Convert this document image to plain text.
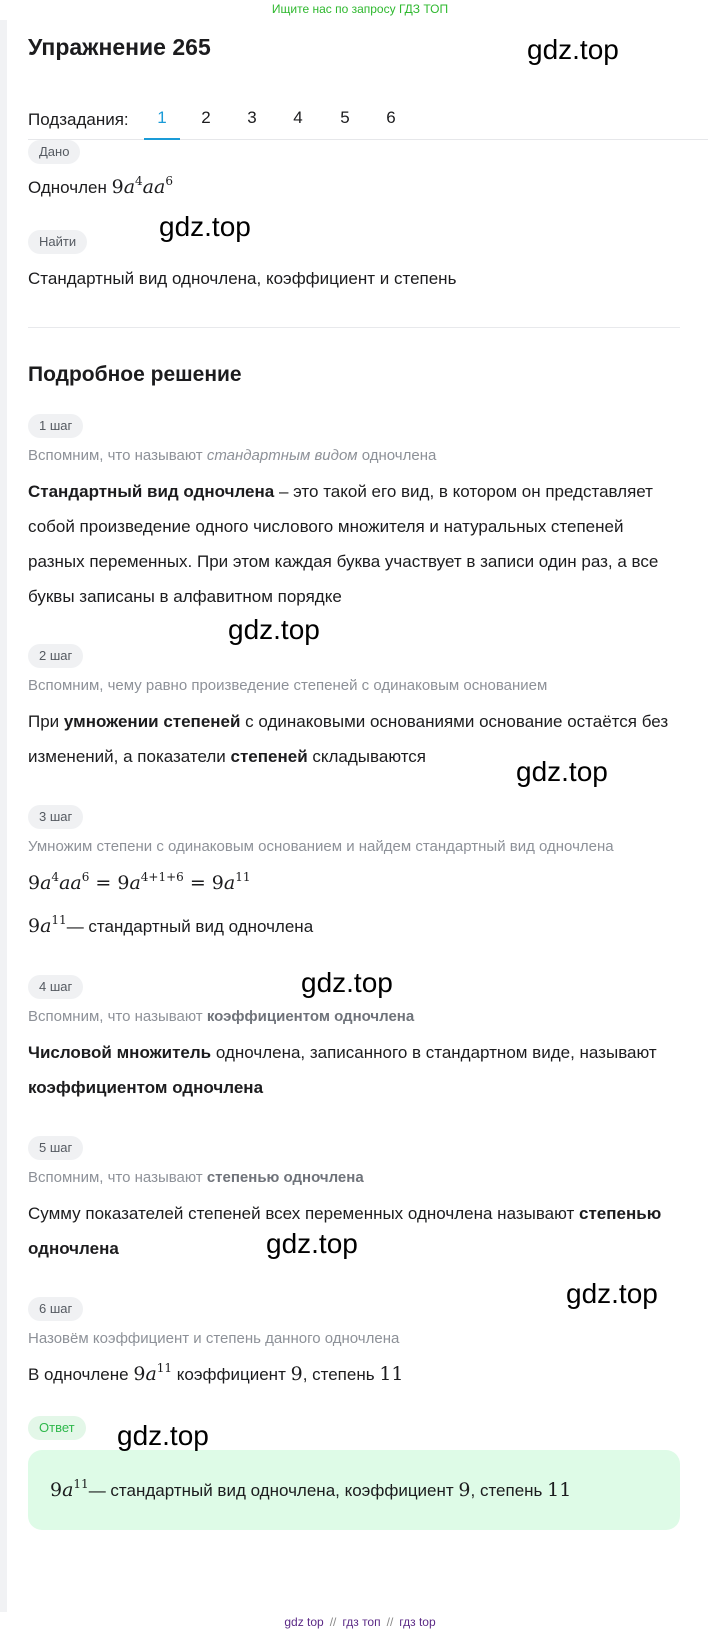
Ищите нас по запросу ГДЗ ТОП
Упражнение 265
Подзадания:	1	2	3	4	5	6
Дано
Одночлен $9a^4aa^6$
Найти
Стандартный вид одночлена, коэффициент и степень
Подробное решение
1 шаг
Вспомним, что называют стандартным видом одночлена
Стандартный вид одночлена – это такой его вид, в котором он представляет собой произведение одного числового множителя и натуральных степеней разных переменных. При этом каждая буква участвует в записи один раз, а все буквы записаны в алфавитном порядке
2 шаг
Вспомним, чему равно произведение степеней с одинаковым основанием
При умножении степеней с одинаковыми основаниями основание остаётся без изменений, а показатели степеней складываются
3 шаг
Умножим степени с одинаковым основанием и найдем стандартный вид одночлена
$9a^4aa^6 = 9a^{4+1+6} = 9a^{11}$
$9a^{11}—$ стандартный вид одночлена
4 шаг
Вспомним, что называют коэффициентом одночлена
Числовой множитель одночлена, записанного в стандартном виде, называют коэффициентом одночлена
5 шаг
Вспомним, что называют степенью одночлена
Сумму показателей степеней всех переменных одночлена называют степенью одночлена
6 шаг
Назовём коэффициент и степень данного одночлена
В одночлене $9a^{11}$ коэффициент 9, степень 11
Ответ
$9a^{11}—$ стандартный вид одночлена, коэффициент 9, степень 11
gdz.top
gdz.top
gdz.top
gdz.top
gdz.top
gdz.top
gdz.top
gdz.top
gdz top // гдз топ // гдз top
